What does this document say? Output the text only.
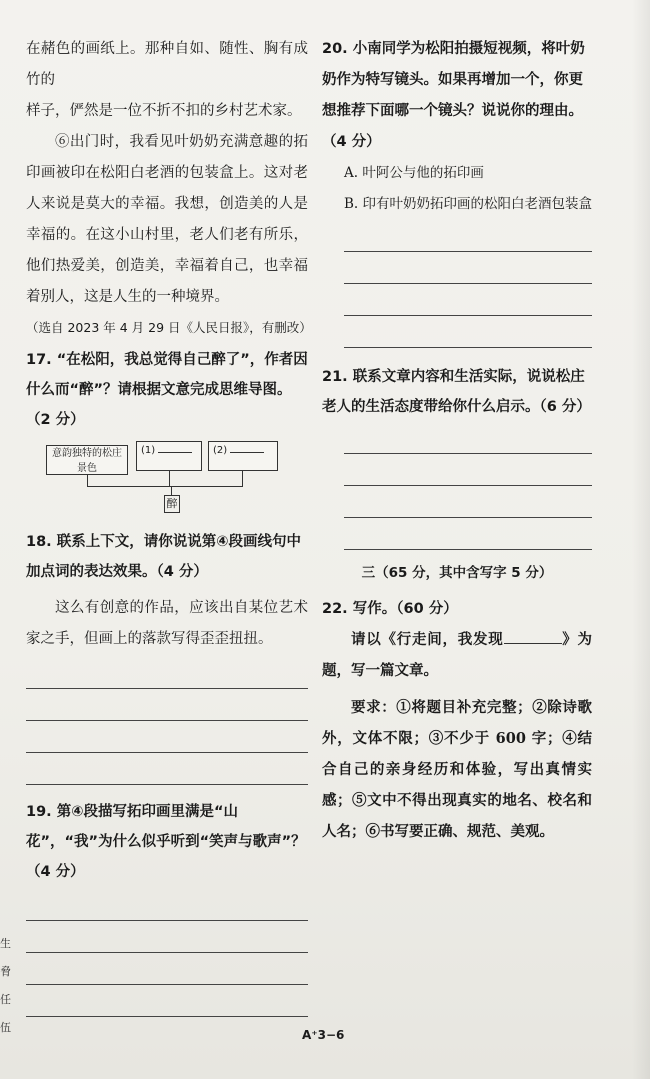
在赭色的画纸上。那种自如、随性、胸有成竹的

样子，俨然是一位不折不扣的乡村艺术家。

⑥出门时，我看见叶奶奶充满意趣的拓印画被印在松阳白老酒的包装盒上。这对老人来说是莫大的幸福。我想，创造美的人是幸福的。在这小山村里，老人们老有所乐，他们热爱美，创造美，幸福着自己，也幸福着别人，这是人生的一种境界。

（选自 2023 年 4 月 29 日《人民日报》，有删改）

17. “在松阳，我总觉得自己醉了”，作者因什么而“醉”？请根据文意完成思维导图。（2 分）

意韵独特的松庄景色
(1)	(2)
醉

18. 联系上下文，请你说说第④段画线句中加点词的表达效果。（4 分）

这么有创意的作品，应该出自某位艺术家之手，但画上的落款写得歪歪扭扭。

19. 第④段描写拓印画里满是“山花”，“我”为什么似乎听到“笑声与歌声”？（4 分）

20. 小南同学为松阳拍摄短视频，将叶奶奶作为特写镜头。如果再增加一个，你更想推荐下面哪一个镜头？说说你的理由。（4 分）

A. 叶阿公与他的拓印画

B. 印有叶奶奶拓印画的松阳白老酒包装盒

21. 联系文章内容和生活实际，说说松庄老人的生活态度带给你什么启示。（6 分）

三（65 分，其中含写字 5 分）

22. 写作。（60 分）

请以《行走间，我发现	》为题，写一篇文章。

要求：①将题目补充完整；②除诗歌外，文体不限；③不少于 600 字；④结合自己的亲身经历和体验，写出真情实感；⑤文中不得出现真实的地名、校名和人名；⑥书写要正确、规范、美观。

生
脅
任
伍
A⁺3−6
